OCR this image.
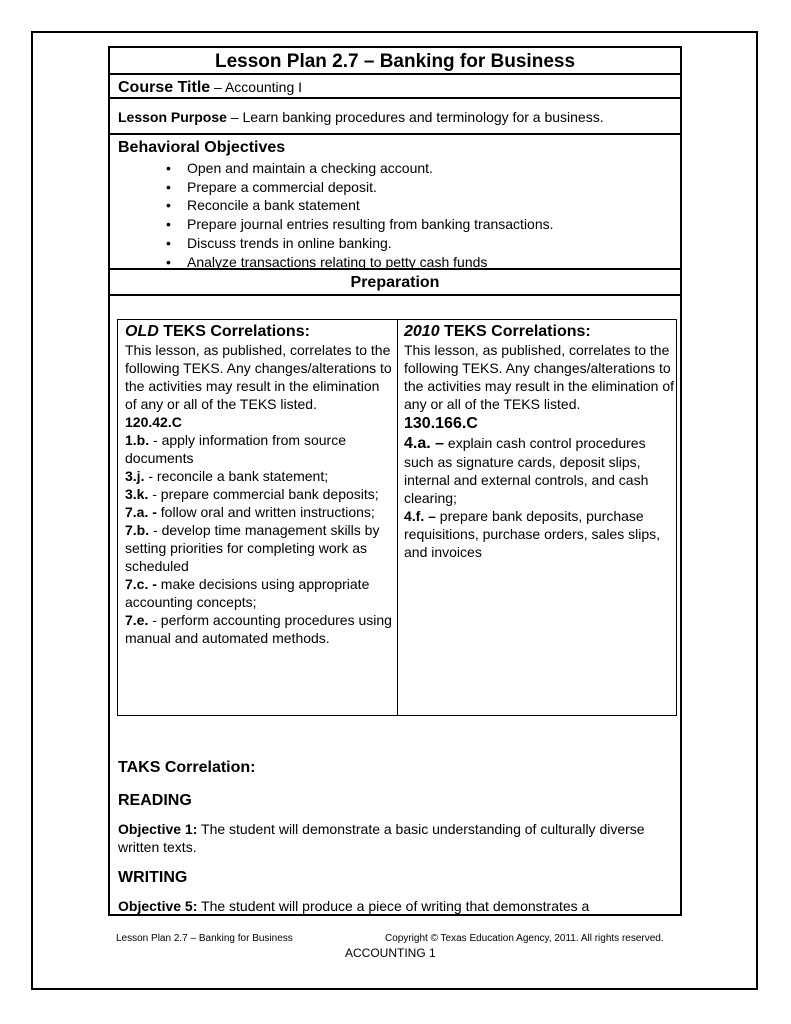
Lesson Plan 2.7 – Banking for Business
Course Title – Accounting I
Lesson Purpose – Learn banking procedures and terminology for a business.
Behavioral Objectives
• Open and maintain a checking account.
• Prepare a commercial deposit.
• Reconcile a bank statement
• Prepare journal entries resulting from banking transactions.
• Discuss trends in online banking.
• Analyze transactions relating to petty cash funds
Preparation
OLD TEKS Correlations:
This lesson, as published, correlates to the following TEKS. Any changes/alterations to the activities may result in the elimination of any or all of the TEKS listed.
120.42.C
1.b. - apply information from source documents
3.j. - reconcile a bank statement;
3.k. - prepare commercial bank deposits;
7.a. - follow oral and written instructions;
7.b. - develop time management skills by setting priorities for completing work as scheduled
7.c. - make decisions using appropriate accounting concepts;
7.e. - perform accounting procedures using manual and automated methods.
2010 TEKS Correlations:
This lesson, as published, correlates to the following TEKS. Any changes/alterations to the activities may result in the elimination of any or all of the TEKS listed.
130.166.C
4.a. – explain cash control procedures such as signature cards, deposit slips, internal and external controls, and cash clearing;
4.f. – prepare bank deposits, purchase requisitions, purchase orders, sales slips, and invoices
TAKS Correlation:
READING
Objective 1: The student will demonstrate a basic understanding of culturally diverse written texts.
WRITING
Objective 5: The student will produce a piece of writing that demonstrates a
Lesson Plan 2.7 – Banking for Business	Copyright © Texas Education Agency, 2011. All rights reserved.
ACCOUNTING 1
